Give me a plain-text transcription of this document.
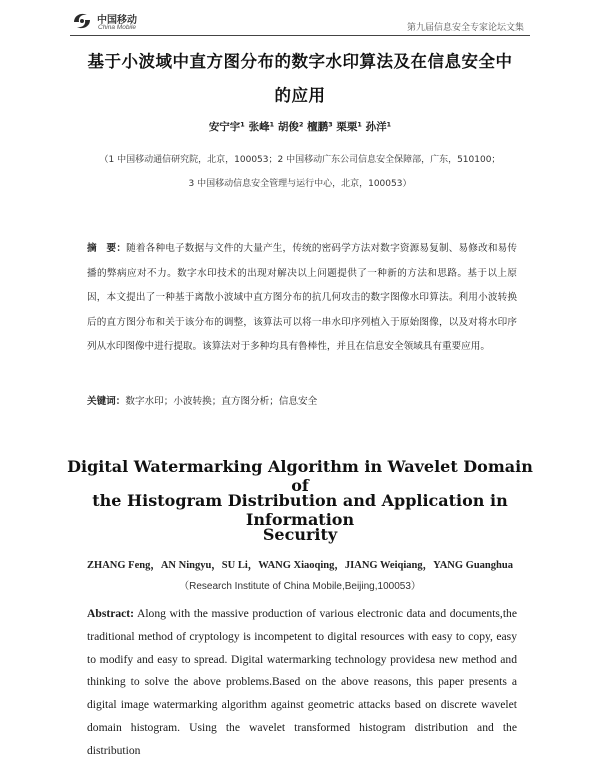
中国移动
China Mobile	第九届信息安全专家论坛文集
基于小波域中直方图分布的数字水印算法及在信息安全中
的应用
安宁宇¹ 张峰¹ 胡俊² 檀鹏³ 栗栗¹ 孙洋¹
（1 中国移动通信研究院，北京，100053；2 中国移动广东公司信息安全保障部，广东，510100；
3 中国移动信息安全管理与运行中心，北京，100053）
摘　要：随着各种电子数据与文件的大量产生，传统的密码学方法对数字资源易复制、易修改和易传播的弊病应对不力。数字水印技术的出现对解决以上问题提供了一种新的方法和思路。基于以上原因，本文提出了一种基于离散小波域中直方图分布的抗几何攻击的数字图像水印算法。利用小波转换后的直方图分布和关于该分布的调整，该算法可以将一串水印序列植入于原始图像，以及对将水印序列从水印图像中进行提取。该算法对于多种均具有鲁棒性，并且在信息安全领域具有重要应用。
关键词：数字水印；小波转换；直方图分析；信息安全
Digital Watermarking Algorithm in Wavelet Domain of
the Histogram Distribution and Application in Information
Security
ZHANG Feng，AN Ningyu，SU Li，WANG Xiaoqing，JIANG Weiqiang，YANG Guanghua
（Research Institute of China Mobile,Beijing,100053）
Abstract: Along with the massive production of various electronic data and documents,the traditional method of cryptology is incompetent to digital resources with easy to copy, easy to modify and easy to spread. Digital watermarking technology providesa new method and thinking to solve the above problems.Based on the above reasons, this paper presents a digital image watermarking algorithm against geometric attacks based on discrete wavelet domain histogram. Using the wavelet transformed histogram distribution and the distribution
